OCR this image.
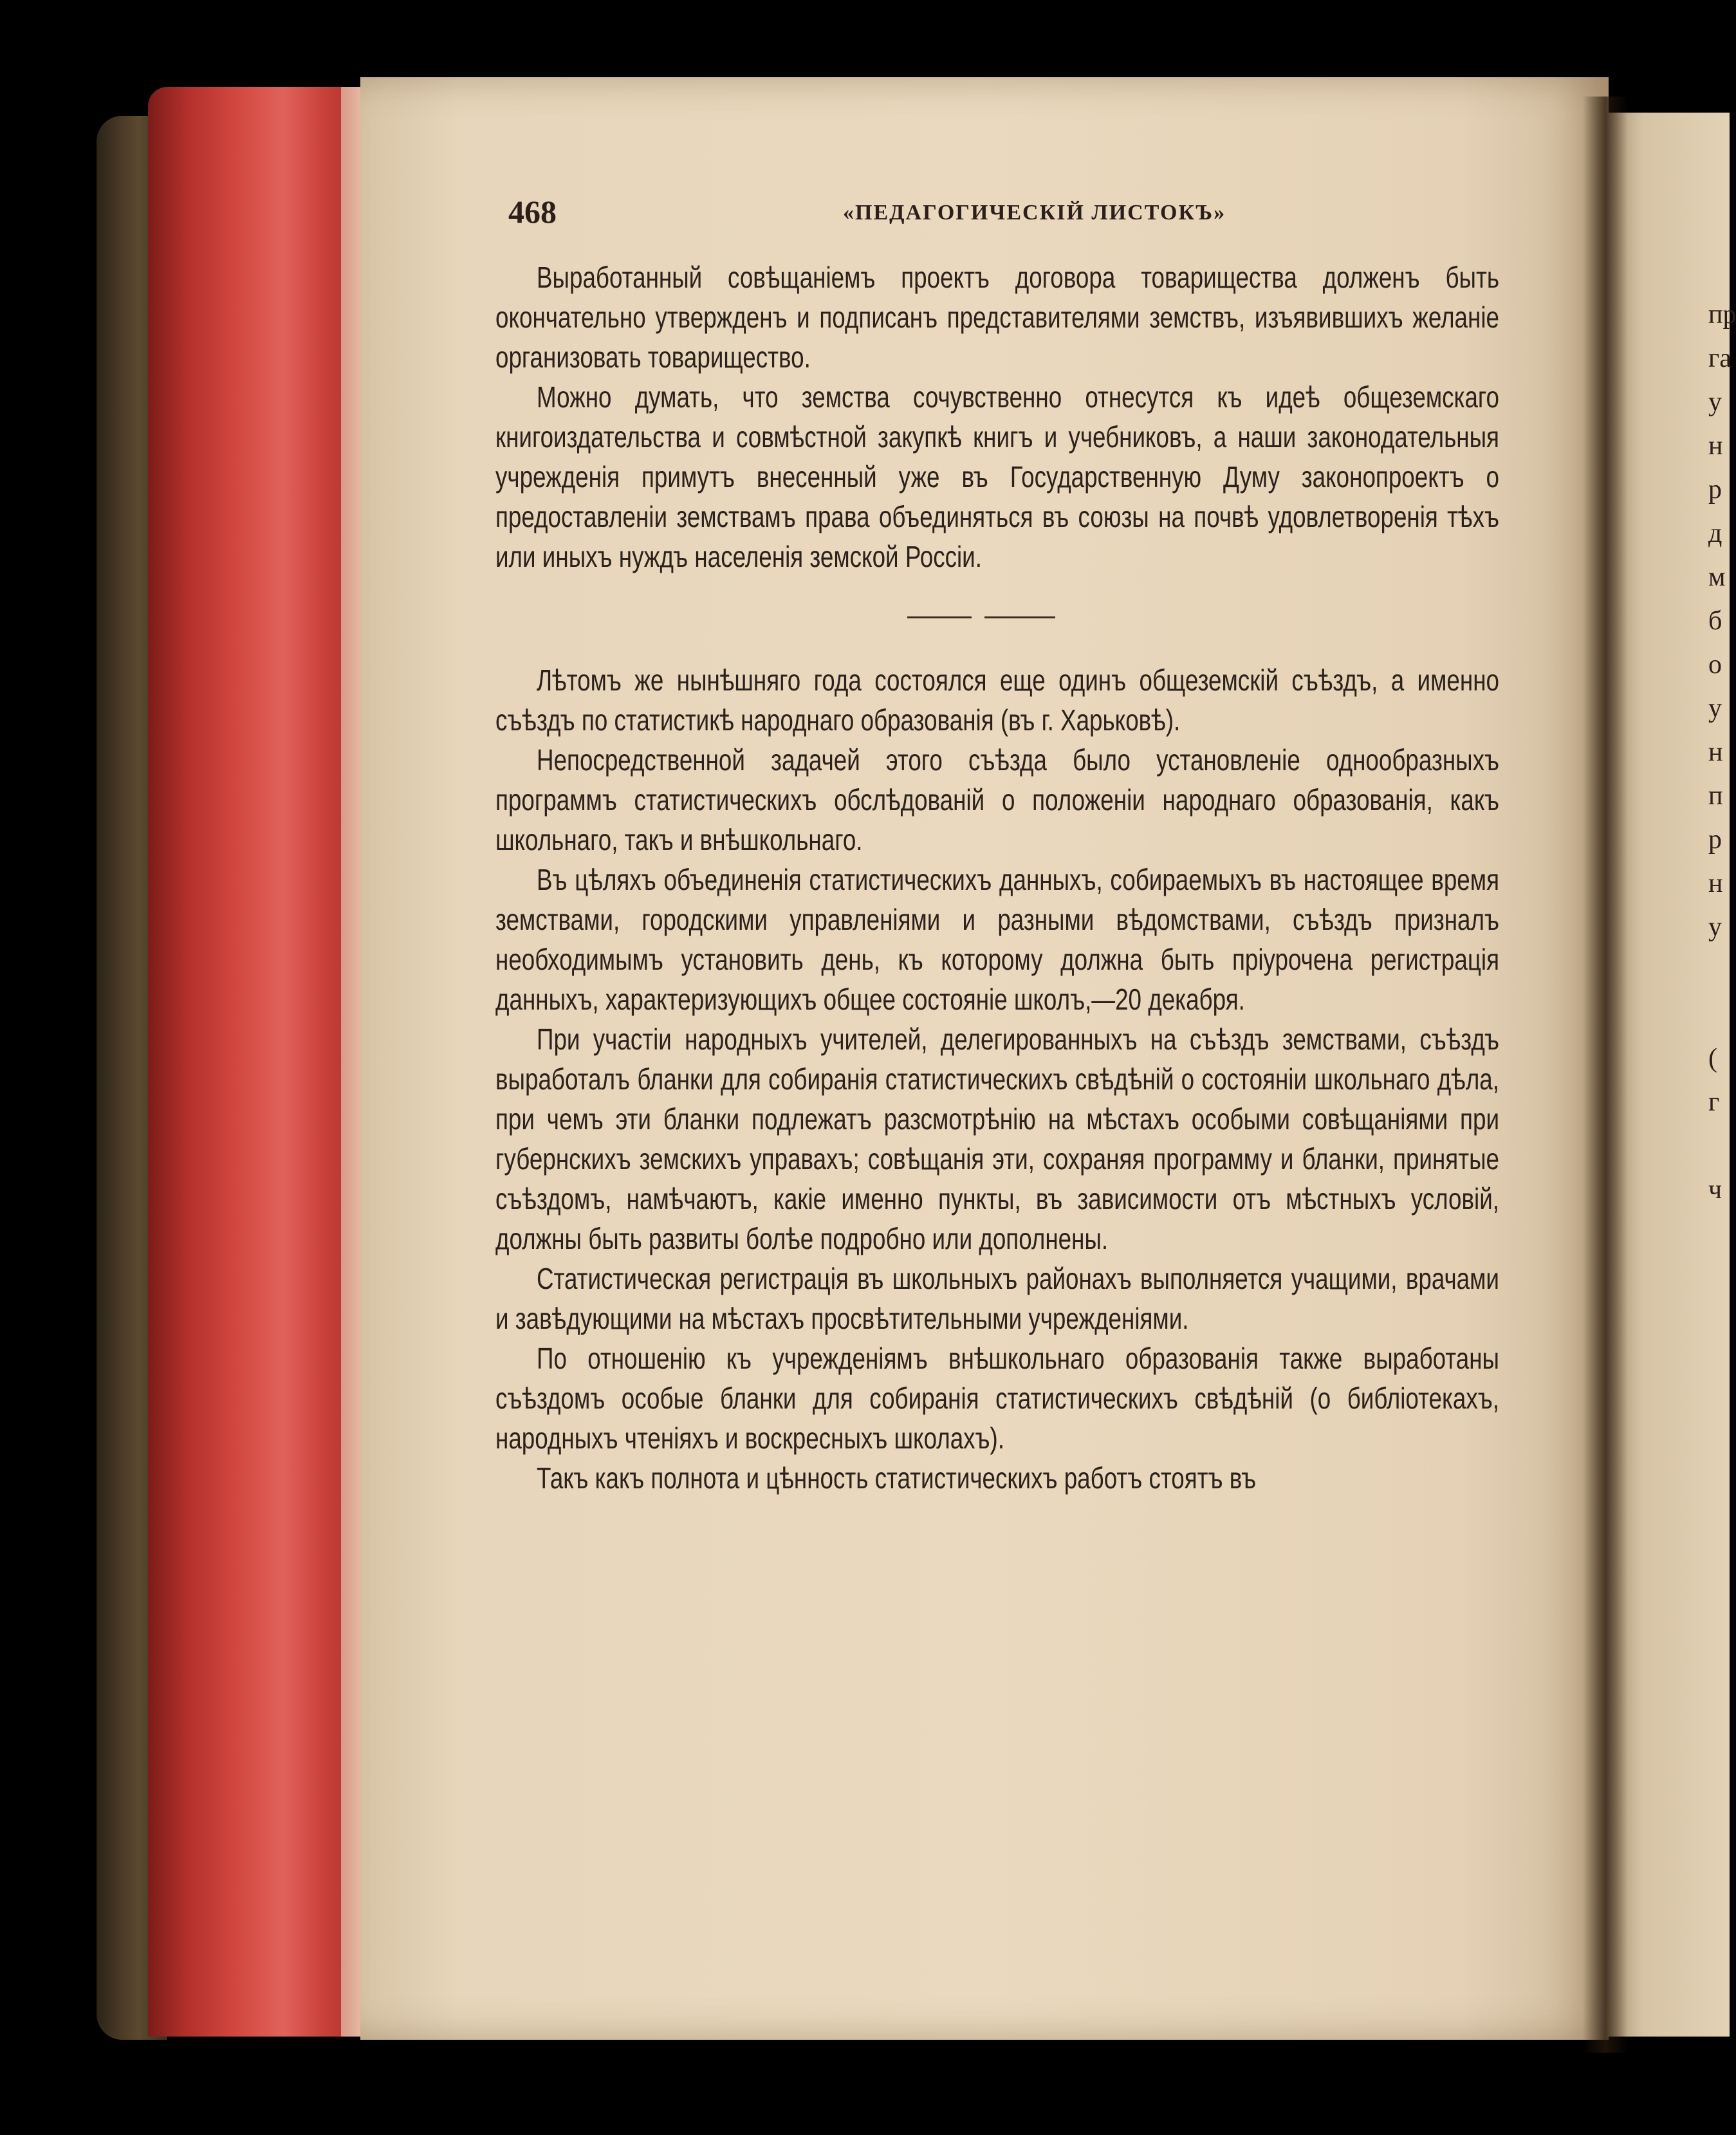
пр
га
у
н
р
д
м
б
о
у
н
п
р
н
у
(
г
ч
468	«ПЕДАГОГИЧЕСКІЙ ЛИСТОКЪ»

Выработанный совѣщаніемъ проектъ договора товарищества долженъ быть окончательно утвержденъ и подписанъ представителями земствъ, изъявившихъ желаніе организовать товарищество.

Можно думать, что земства сочувственно отнесутся къ идеѣ общеземскаго книгоиздательства и совмѣстной закупкѣ книгъ и учебниковъ, а наши законодательныя учрежденія примутъ внесенный уже въ Государственную Думу законопроектъ о предоставленіи земствамъ права объединяться въ союзы на почвѣ удовлетворенія тѣхъ или иныхъ нуждъ населенія земской Россіи.

Лѣтомъ же нынѣшняго года состоялся еще одинъ общеземскій съѣздъ, а именно съѣздъ по статистикѣ народнаго образованія (въ г. Харьковѣ).

Непосредственной задачей этого съѣзда было установленіе однообразныхъ программъ статистическихъ обслѣдованій о положеніи народнаго образованія, какъ школьнаго, такъ и внѣшкольнаго.

Въ цѣляхъ объединенія статистическихъ данныхъ, собираемыхъ въ настоящее время земствами, городскими управленіями и разными вѣдомствами, съѣздъ призналъ необходимымъ установить день, къ которому должна быть пріурочена регистрація данныхъ, характеризующихъ общее состояніе школъ,—20 декабря.

При участіи народныхъ учителей, делегированныхъ на съѣздъ земствами, съѣздъ выработалъ бланки для собиранія статистическихъ свѣдѣній о состояніи школьнаго дѣла, при чемъ эти бланки подлежатъ разсмотрѣнію на мѣстахъ особыми совѣщаніями при губернскихъ земскихъ управахъ; совѣщанія эти, сохраняя программу и бланки, принятые съѣздомъ, намѣчаютъ, какіе именно пункты, въ зависимости отъ мѣстныхъ условій, должны быть развиты болѣе подробно или дополнены.

Статистическая регистрація въ школьныхъ районахъ выполняется учащими, врачами и завѣдующими на мѣстахъ просвѣтительными учрежденіями.

По отношенію къ учрежденіямъ внѣшкольнаго образованія также выработаны съѣздомъ особые бланки для собиранія статистическихъ свѣдѣній (о библіотекахъ, народныхъ чтеніяхъ и воскресныхъ школахъ).

Такъ какъ полнота и цѣнность статистическихъ работъ стоятъ въ
